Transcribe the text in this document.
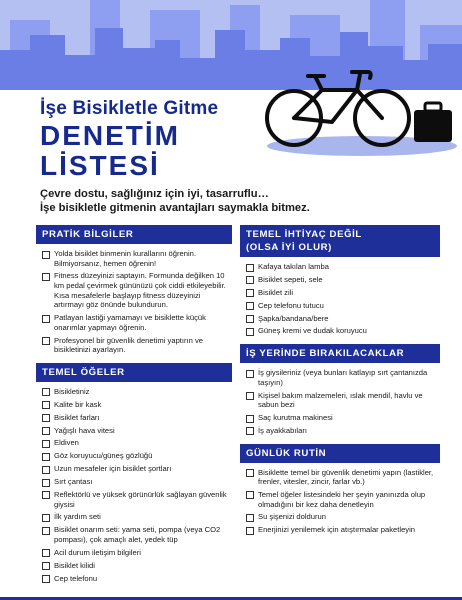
İşe Bisikletle Gitme
DENETİM
LİSTESİ
Çevre dostu, sağlığınız için iyi, tasarruflu…
İşe bisikletle gitmenin avantajları saymakla bitmez.
PRATİK BİLGİLER
Yolda bisiklet binmenin kurallarını öğrenin. Bilmiyorsanız, hemen öğrenin!
Fitness düzeyinizi saptayın. Formunda değilken 10 km pedal çevirmek gününüzü çok ciddi etkileyebilir. Kısa mesafelerle başlayıp fitness düzeyinizi artırmayı göz önünde bulundurun.
Patlayan lastiği yamamayı ve bisiklette küçük onarımlar yapmayı öğrenin.
Profesyonel bir güvenlik denetimi yaptırın ve bisikletinizi ayarlayın.
TEMEL ÖĞELER
Bisikletiniz
Kalite bir kask
Bisiklet farları
Yağışlı hava vitesi
Eldiven
Göz koruyucu/güneş gözlüğü
Uzun mesafeler için bisiklet şortları
Sırt çantası
Reflektörlü ve yüksek görünürlük sağlayan güvenlik giysisi
İlk yardım seti
Bisiklet onarım seti: yama seti, pompa (veya CO2 pompası), çok amaçlı alet, yedek tüp
Acil durum iletişim bilgileri
Bisiklet kilidi
Cep telefonu
TEMEL İHTİYAÇ DEĞİL
(OLSA İYİ OLUR)
Kafaya takılan lamba
Bisiklet sepeti, sele
Bisiklet zili
Cep telefonu tutucu
Şapka/bandana/bere
Güneş kremi ve dudak koruyucu
İŞ YERİNDE BIRAKILACAKLAR
İş giysileriniz (veya bunları katlayıp sırt çantanızda taşıyın)
Kişisel bakım malzemeleri, ıslak mendil, havlu ve sabun bezi
Saç kurutma makinesi
İş ayakkabıları
GÜNLÜK RUTİN
Bisiklette temel bir güvenlik denetimi yapın (lastikler, frenler, vitesler, zincir, farlar vb.)
Temel öğeler listesindeki her şeyin yanınızda olup olmadığını bir kez daha denetleyin
Su şişenizi doldurun
Enerjinizi yenilemek için atıştırmalar paketleyin
